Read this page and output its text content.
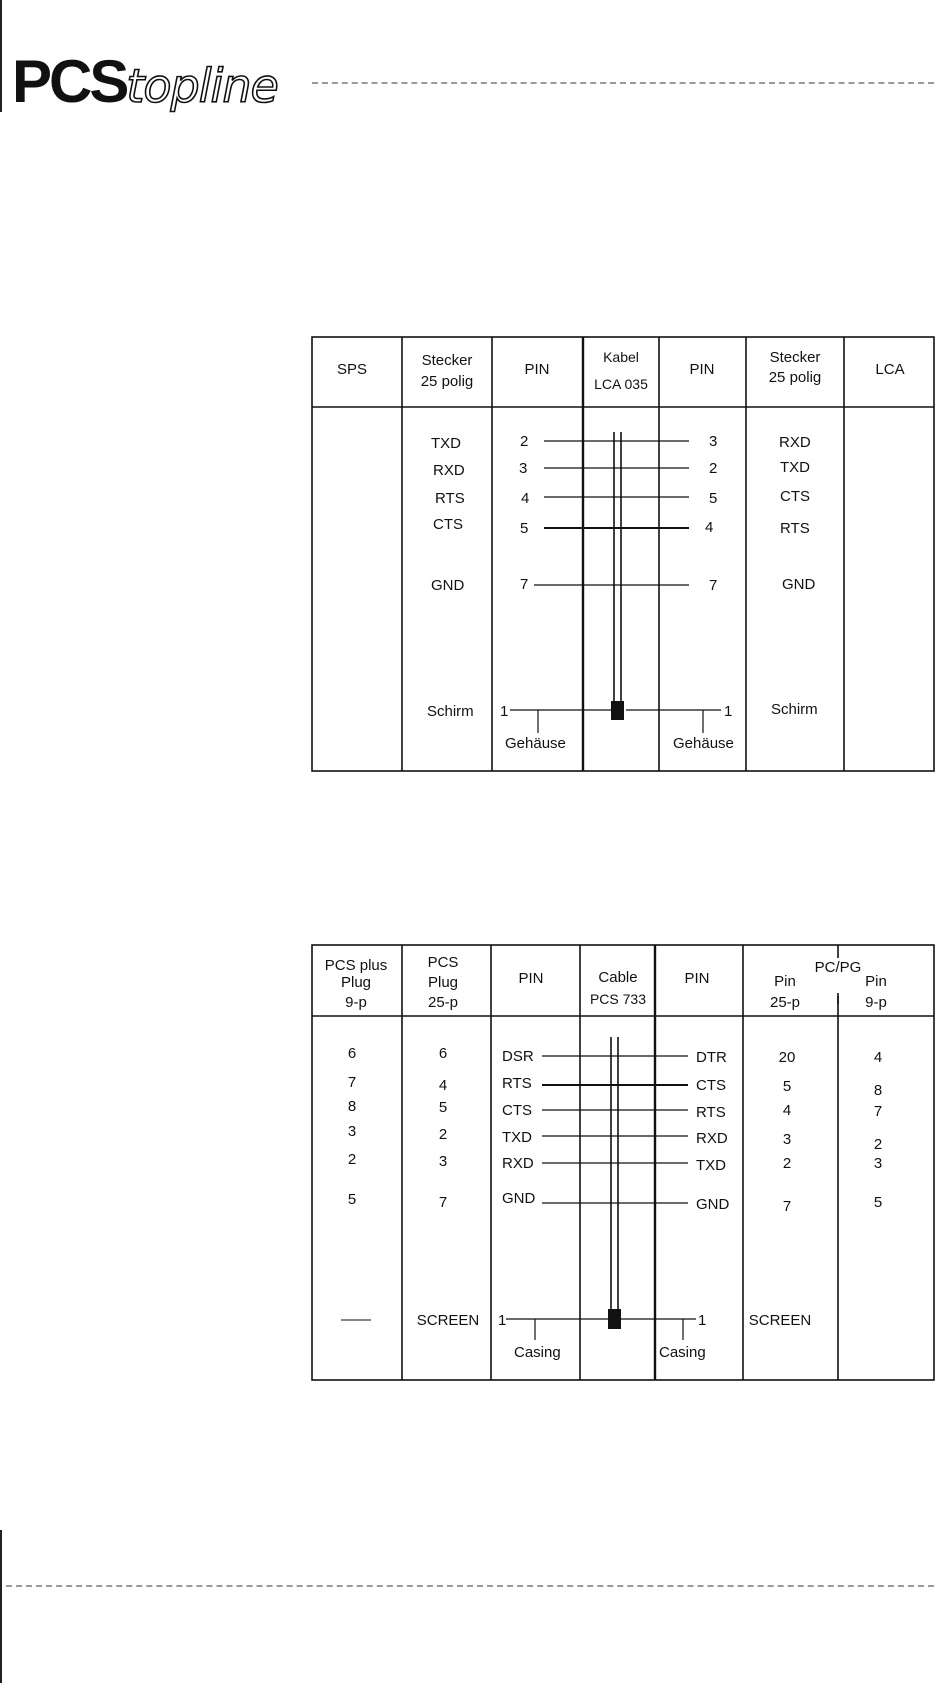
PCStopline
SPS
Stecker
25 polig
PIN
Kabel
LCA 035
PIN
Stecker
25 polig	LCA
TXD
RXD
RTS
CTS
GND
Schirm
2
3
4
5
7
1
Gehäuse
3
2
5
4
7
1
Gehäuse
RXD
TXD
CTS
RTS
GND
Schirm
PCS plus
Plug
9-p
PCS
Plug
25-p
PIN	Cable
PCS 733
PIN
PC/PG
Pin
25-p
Pin
9-p
6
7
8
3
2
5
——
6
4
5
2
3
7
SCREEN
20
5
4
3
2
7
SCREEN
4
8
7
2
3
5
DSR
RTS
CTS
TXD
RXD
GND
1
Casing
DTR
CTS
RTS
RXD
TXD
GND
1
Casing
